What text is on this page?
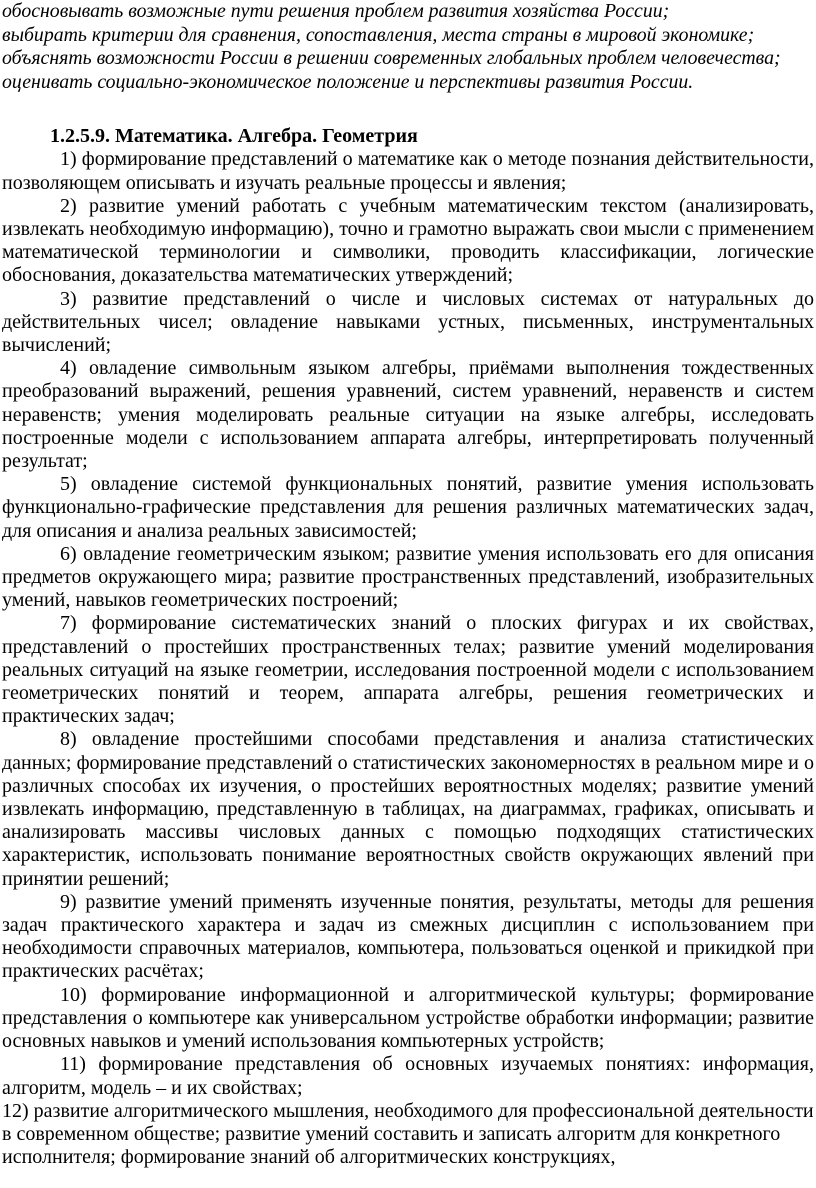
обосновывать возможные пути решения проблем развития хозяйства России;
выбирать критерии для сравнения, сопоставления, места страны в мировой экономике;
объяснять возможности России в решении современных глобальных проблем человечества;
оценивать социально-экономическое положение и перспективы развития России.
1.2.5.9. Математика. Алгебра. Геометрия

1) формирование представлений о математике как о методе познания действительности, позволяющем описывать и изучать реальные процессы и явления;

2) развитие умений работать с учебным математическим текстом (анализировать, извлекать необходимую информацию), точно и грамотно выражать свои мысли с применением математической терминологии и символики, проводить классификации, логические обоснования, доказательства математических утверждений;

3) развитие представлений о числе и числовых системах от натуральных до действительных чисел; овладение навыками устных, письменных, инструментальных вычислений;

4) овладение символьным языком алгебры, приёмами выполнения тождественных преобразований выражений, решения уравнений, систем уравнений, неравенств и систем неравенств; умения моделировать реальные ситуации на языке алгебры, исследовать построенные модели с использованием аппарата алгебры, интерпретировать полученный результат;

5) овладение системой функциональных понятий, развитие умения использовать функционально-графические представления для решения различных математических задач, для описания и анализа реальных зависимостей;

6) овладение геометрическим языком; развитие умения использовать его для описания предметов окружающего мира; развитие пространственных представлений, изобразительных умений, навыков геометрических построений;

7) формирование систематических знаний о плоских фигурах и их свойствах, представлений о простейших пространственных телах; развитие умений моделирования реальных ситуаций на языке геометрии, исследования построенной модели с использованием геометрических понятий и теорем, аппарата алгебры, решения геометрических и практических задач;

8) овладение простейшими способами представления и анализа статистических данных; формирование представлений о статистических закономерностях в реальном мире и о различных способах их изучения, о простейших вероятностных моделях; развитие умений извлекать информацию, представленную в таблицах, на диаграммах, графиках, описывать и анализировать массивы числовых данных с помощью подходящих статистических характеристик, использовать понимание вероятностных свойств окружающих явлений при принятии решений;

9) развитие умений применять изученные понятия, результаты, методы для решения задач практического характера и задач из смежных дисциплин с использованием при необходимости справочных материалов, компьютера, пользоваться оценкой и прикидкой при практических расчётах;

10) формирование информационной и алгоритмической культуры; формирование представления о компьютере как универсальном устройстве обработки информации; развитие основных навыков и умений использования компьютерных устройств;

11) формирование представления об основных изучаемых понятиях: информация, алгоритм, модель – и их свойствах;

12) развитие алгоритмического мышления, необходимого для профессиональной деятельности в современном обществе; развитие умений составить и записать алгоритм для конкретного исполнителя; формирование знаний об алгоритмических конструкциях,
